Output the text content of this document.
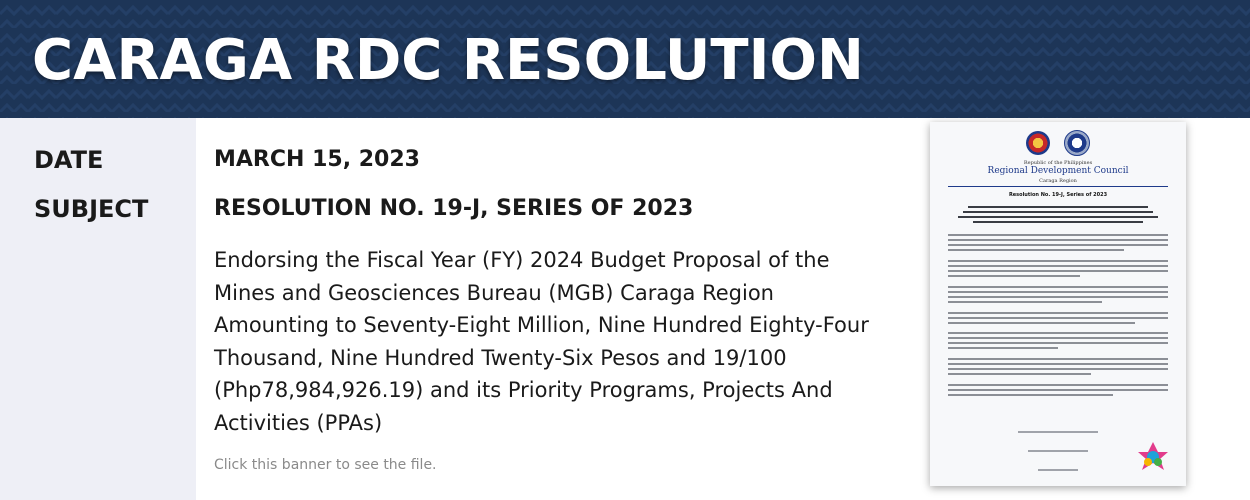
CARAGA RDC RESOLUTION
DATE	MARCH 15, 2023
SUBJECT	RESOLUTION NO. 19-J, SERIES OF 2023

Endorsing the Fiscal Year (FY) 2024 Budget Proposal of the Mines and Geosciences Bureau (MGB) Caraga Region Amounting to Seventy-Eight Million, Nine Hundred Eighty-Four Thousand, Nine Hundred Twenty-Six Pesos and 19/100 (Php78,984,926.19) and its Priority Programs, Projects And Activities (PPAs)

Click this banner to see the file.

Republic of the Philippines
Regional Development Council
Caraga Region
Resolution No. 19-J, Series of 2023
